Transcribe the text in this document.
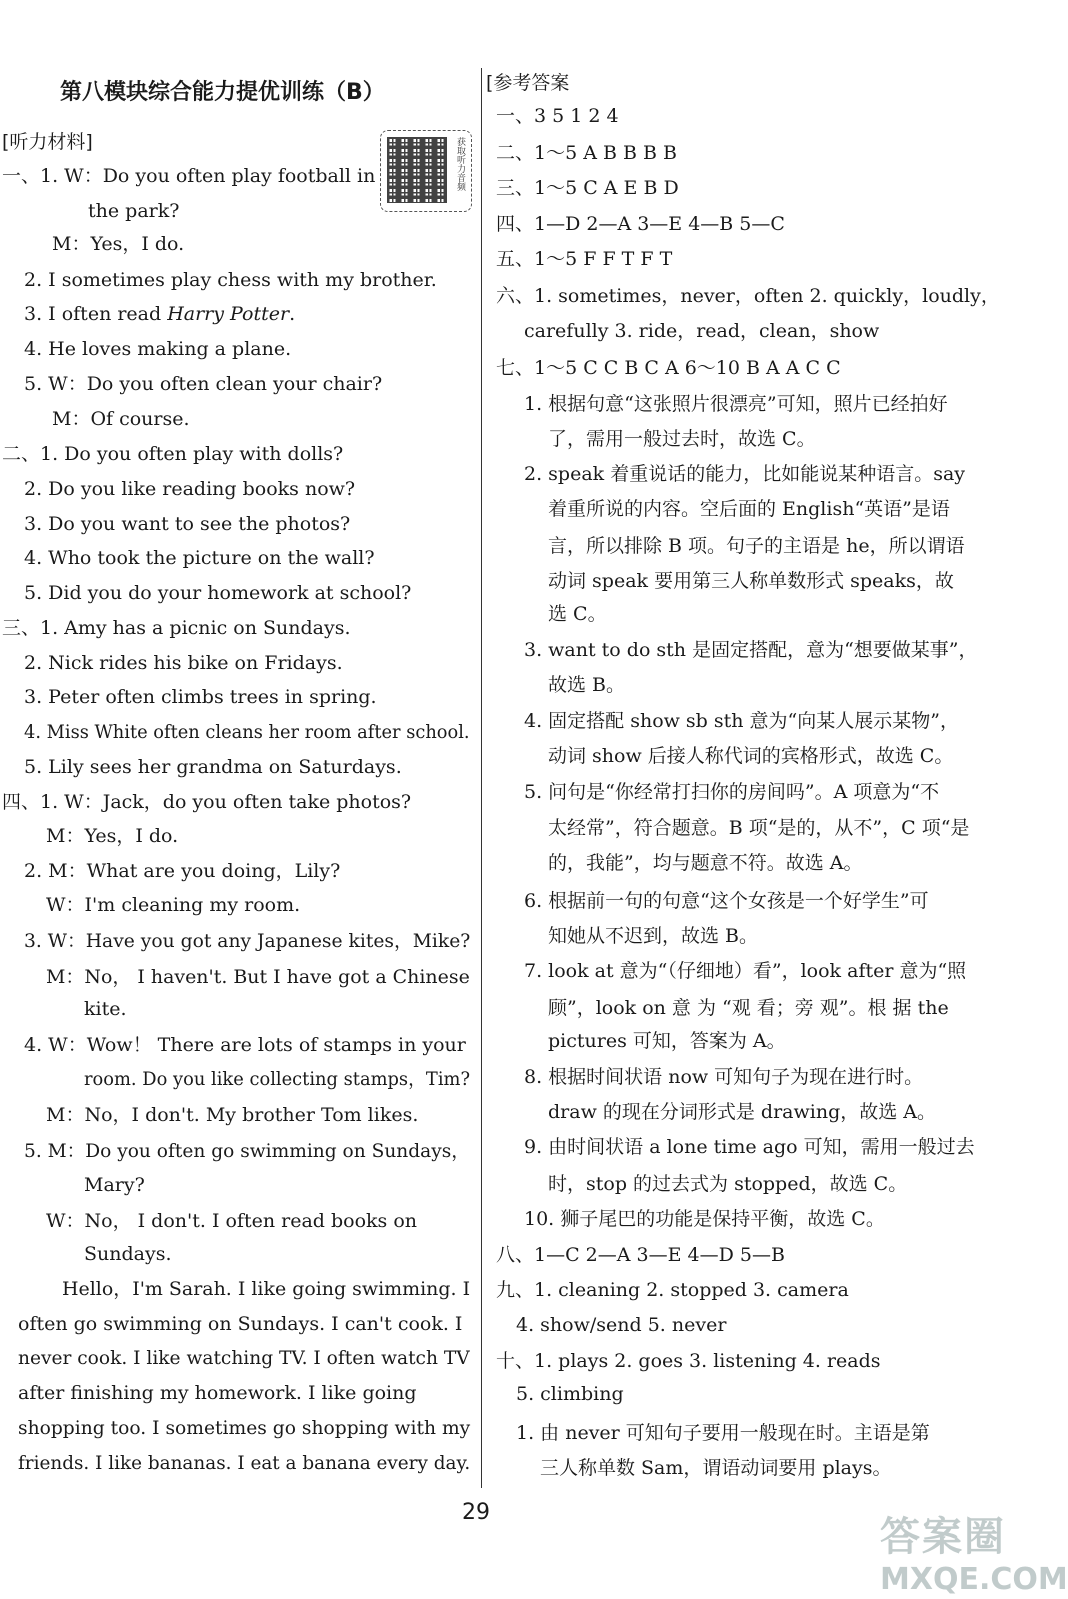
第八模块综合能力提优训练（B）
[听力材料]	获取听力音频
一、1. W：Do you often play football in
the park?
M：Yes，I do.
2. I sometimes play chess with my brother.
3. I often read Harry Potter.
4. He loves making a plane.
5. W：Do you often clean your chair?
M：Of course.
二、1. Do you often play with dolls?
2. Do you like reading books now?
3. Do you want to see the photos?
4. Who took the picture on the wall?
5. Did you do your homework at school?
三、1. Amy has a picnic on Sundays.
2. Nick rides his bike on Fridays.
3. Peter often climbs trees in spring.
4. Miss White often cleans her room after school.
5. Lily sees her grandma on Saturdays.
四、1. W：Jack，do you often take photos?
M：Yes，I do.
2. M：What are you doing，Lily?
W：I'm cleaning my room.
3. W：Have you got any Japanese kites，Mike?
M：No， I haven't. But I have got a Chinese
kite.
4. W：Wow！ There are lots of stamps in your
room. Do you like collecting stamps，Tim?
M：No，I don't. My brother Tom likes.
5. M：Do you often go swimming on Sundays，
Mary?
W：No， I don't. I often read books on
Sundays.
Hello，I'm Sarah. I like going swimming. I
often go swimming on Sundays. I can't cook. I
never cook. I like watching TV. I often watch TV
after finishing my homework. I like going
shopping too. I sometimes go shopping with my
friends. I like bananas. I eat a banana every day.
[参考答案
一、3 5 1 2 4
二、1～5 A B B B B
三、1～5 C A E B D
四、1—D 2—A 3—E 4—B 5—C
五、1～5 F F T F T
六、1. sometimes，never，often 2. quickly，loudly，
carefully 3. ride，read，clean，show
七、1～5 C C B C A 6～10 B A A C C
1. 根据句意“这张照片很漂亮”可知，照片已经拍好
了，需用一般过去时，故选 C。
2. speak 着重说话的能力，比如能说某种语言。say
着重所说的内容。空后面的 English“英语”是语
言，所以排除 B 项。句子的主语是 he，所以谓语
动词 speak 要用第三人称单数形式 speaks，故
选 C。
3. want to do sth 是固定搭配，意为“想要做某事”，
故选 B。
4. 固定搭配 show sb sth 意为“向某人展示某物”，
动词 show 后接人称代词的宾格形式，故选 C。
5. 问句是“你经常打扫你的房间吗”。A 项意为“不
太经常”，符合题意。B 项“是的，从不”，C 项“是
的，我能”，均与题意不符。故选 A。
6. 根据前一句的句意“这个女孩是一个好学生”可
知她从不迟到，故选 B。
7. look at 意为“（仔细地）看”，look after 意为“照
顾”，look on 意 为 “观 看；旁 观”。根 据 the
pictures 可知，答案为 A。
8. 根据时间状语 now 可知句子为现在进行时。
draw 的现在分词形式是 drawing，故选 A。
9. 由时间状语 a lone time ago 可知，需用一般过去
时，stop 的过去式为 stopped，故选 C。
10. 狮子尾巴的功能是保持平衡，故选 C。
八、1—C 2—A 3—E 4—D 5—B
九、1. cleaning 2. stopped 3. camera
4. show/send 5. never
十、1. plays 2. goes 3. listening 4. reads
5. climbing
1. 由 never 可知句子要用一般现在时。主语是第
三人称单数 Sam，谓语动词要用 plays。
29
答案圈
MXQE.COM
